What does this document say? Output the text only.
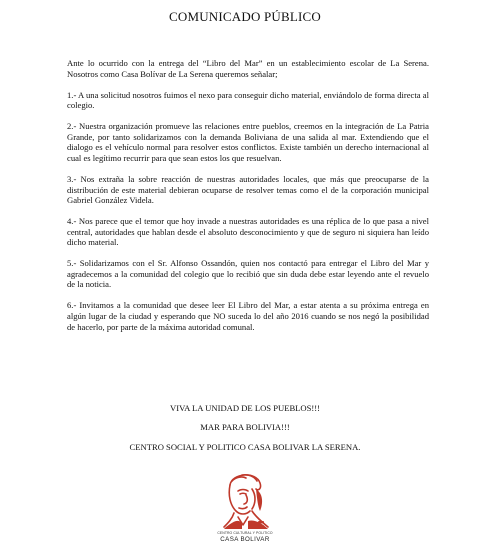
COMUNICADO PÚBLICO

Ante lo ocurrido con la entrega del “Libro del Mar” en un establecimiento escolar de La Serena. Nosotros como Casa Bolívar de La Serena queremos señalar;

1.- A una solicitud nosotros fuimos el nexo para conseguir dicho material, enviándolo de forma directa al colegio.

2.- Nuestra organización promueve las relaciones entre pueblos, creemos en la integración de La Patria Grande, por tanto solidarizamos con la demanda Boliviana de una salida al mar. Extendiendo que el dialogo es el vehículo normal para resolver estos conflictos. Existe también un derecho internacional al cual es legítimo recurrir para que sean estos los que resuelvan.

3.- Nos extraña la sobre reacción de nuestras autoridades locales, que más que preocuparse de la distribución de este material debieran ocuparse de resolver temas como el de la corporación municipal Gabriel González Videla.

4.- Nos parece que el temor que hoy invade a nuestras autoridades es una réplica de lo que pasa a nivel central, autoridades que hablan desde el absoluto desconocimiento y que de seguro ni siquiera han leído dicho material.

5.- Solidarizamos con el Sr. Alfonso Ossandón, quien nos contactó para entregar el Libro del Mar y agradecemos a la comunidad del colegio que lo recibió que sin duda debe estar leyendo ante el revuelo de la noticia.

6.- Invitamos a la comunidad que desee leer El Libro del Mar, a estar atenta a su próxima entrega en algún lugar de la ciudad y esperando que NO suceda lo del año 2016 cuando se nos negó la posibilidad de hacerlo, por parte de la máxima autoridad comunal.

VIVA LA UNIDAD DE LOS PUEBLOS!!!

MAR PARA BOLIVIA!!!

CENTRO SOCIAL Y POLITICO CASA BOLIVAR LA SERENA.

CENTRO CULTURAL Y POLITICO
CASA BOLIVAR
